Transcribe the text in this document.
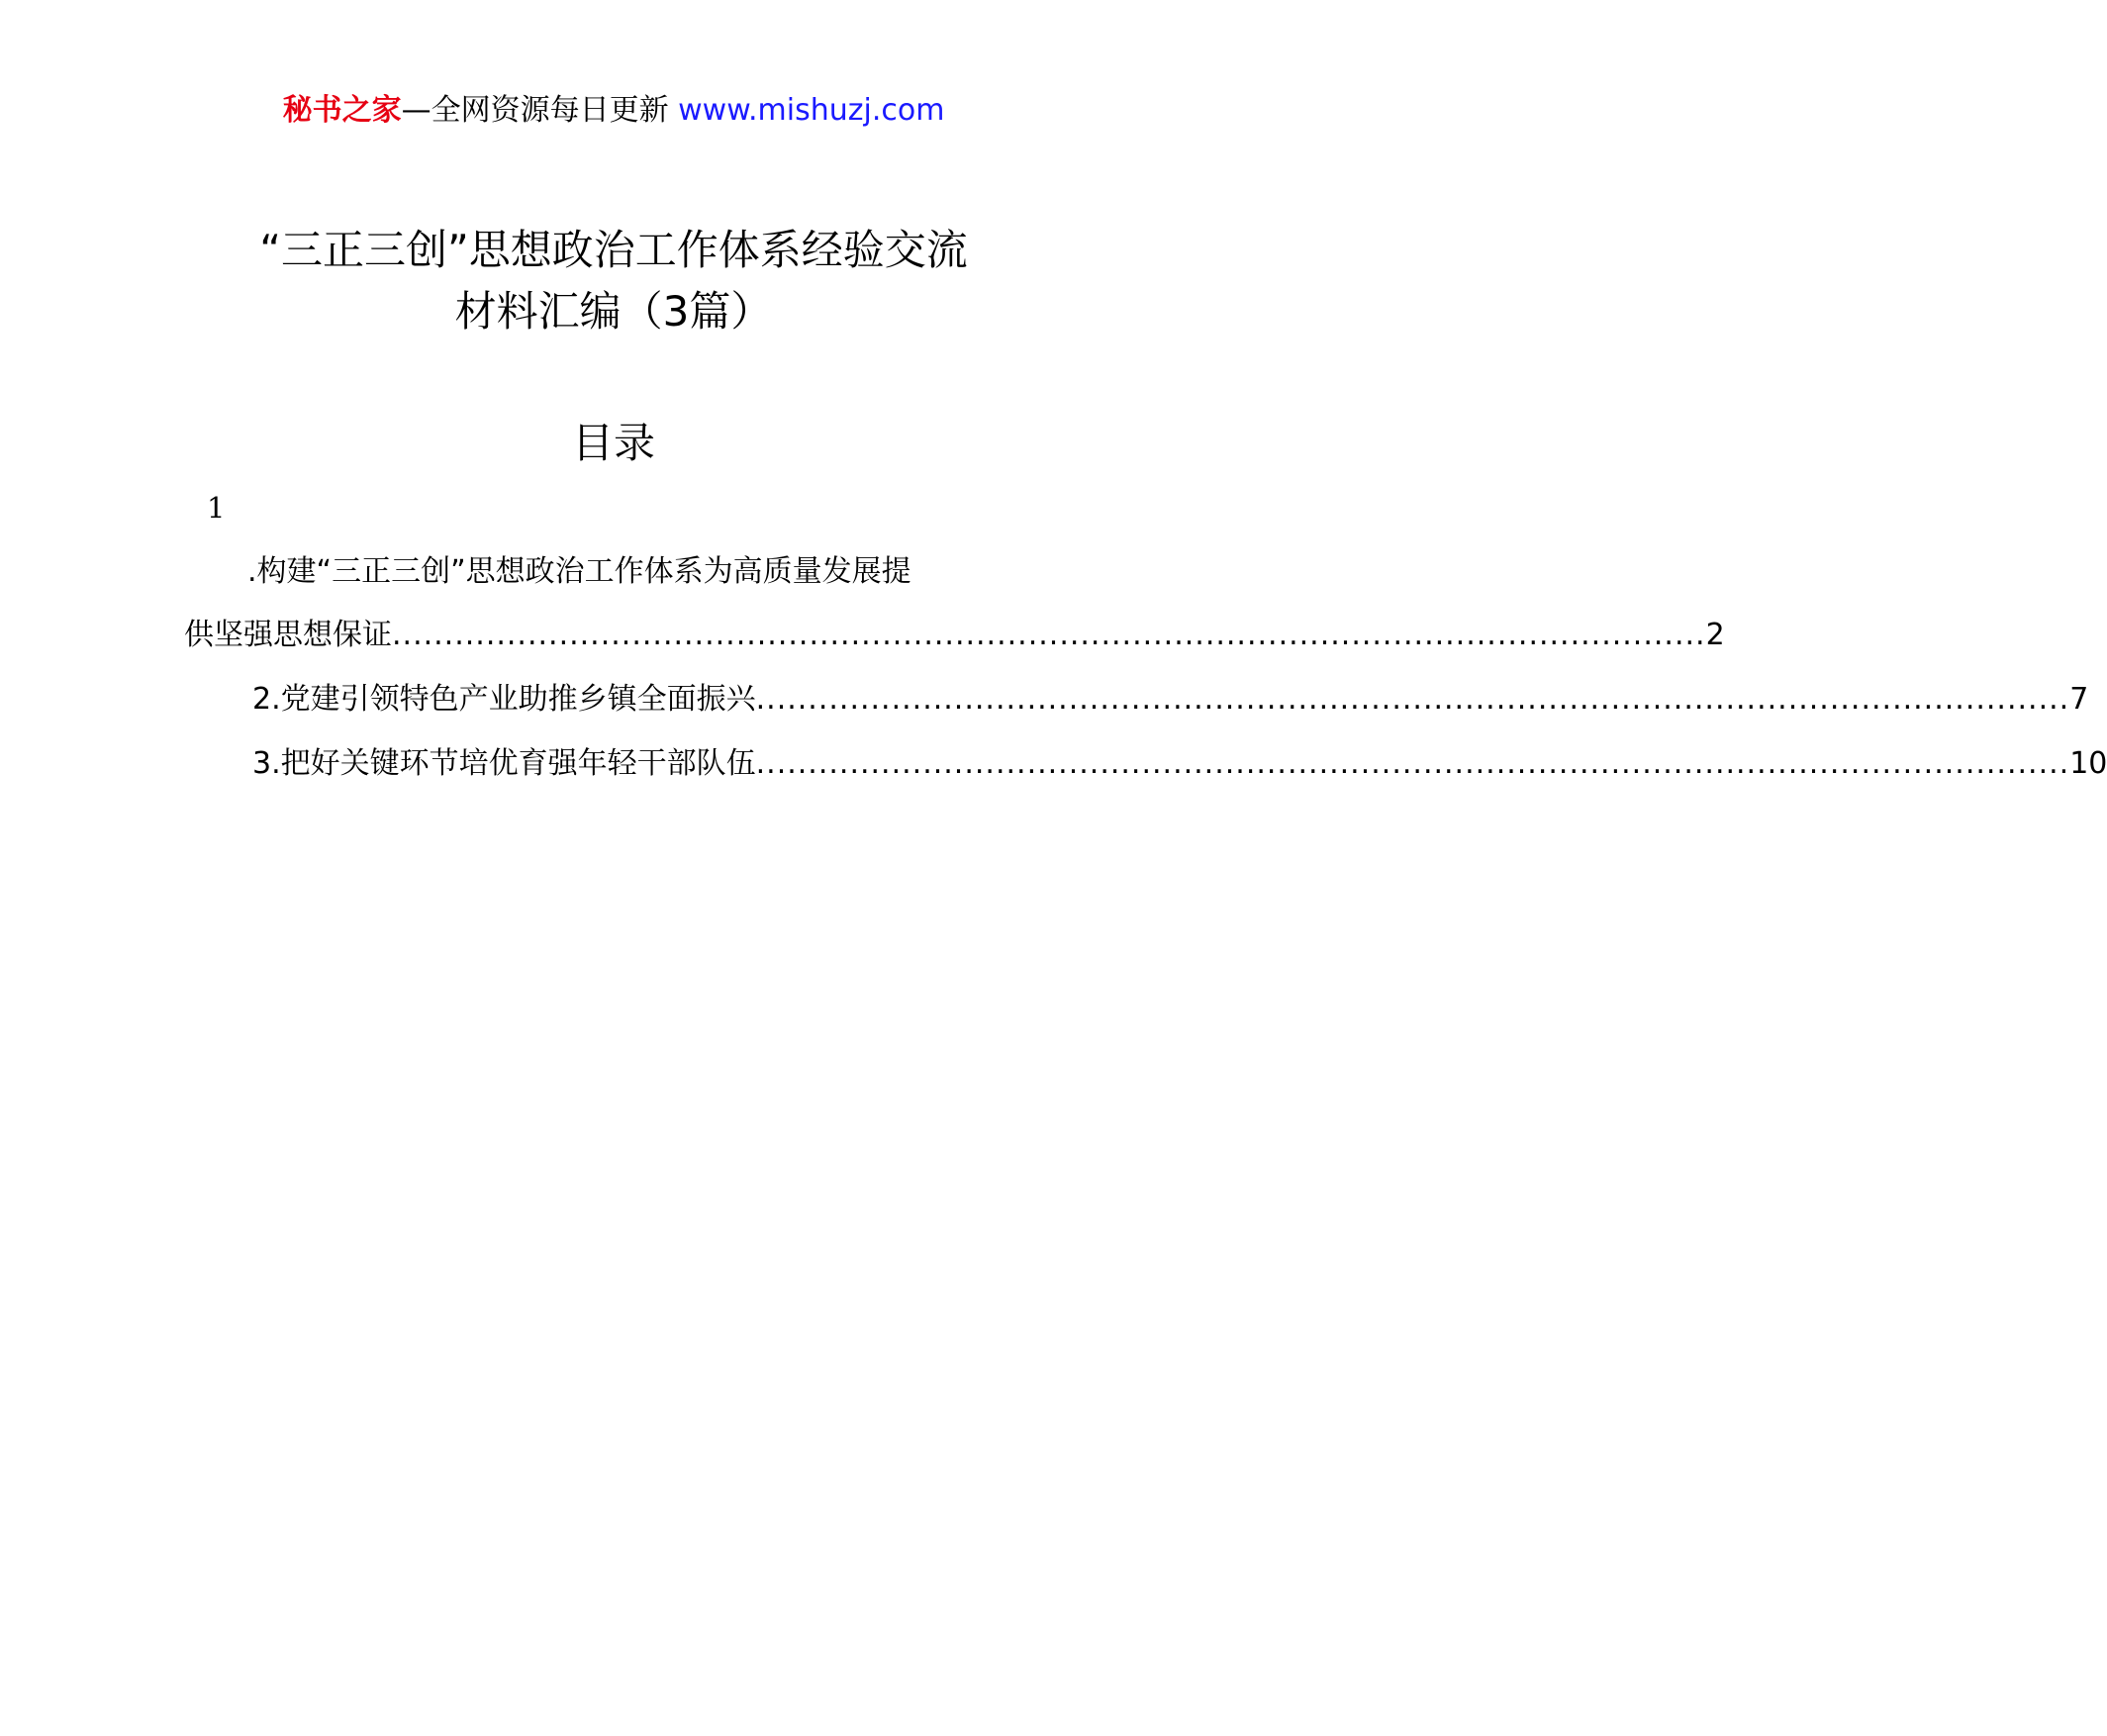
秘书之家—全网资源每日更新 www.mishuzj.com
“三正三创”思想政治工作体系经验交流
材料汇编（3篇）
目录
1
.构建“三正三创”思想政治工作体系为高质量发展提
供坚强思想保证 .............................................................................................................................. 2
2.党建引领特色产业助推乡镇全面振兴 .............................................................................................................................. 7
3.把好关键环节培优育强年轻干部队伍 .............................................................................................................................. 10
